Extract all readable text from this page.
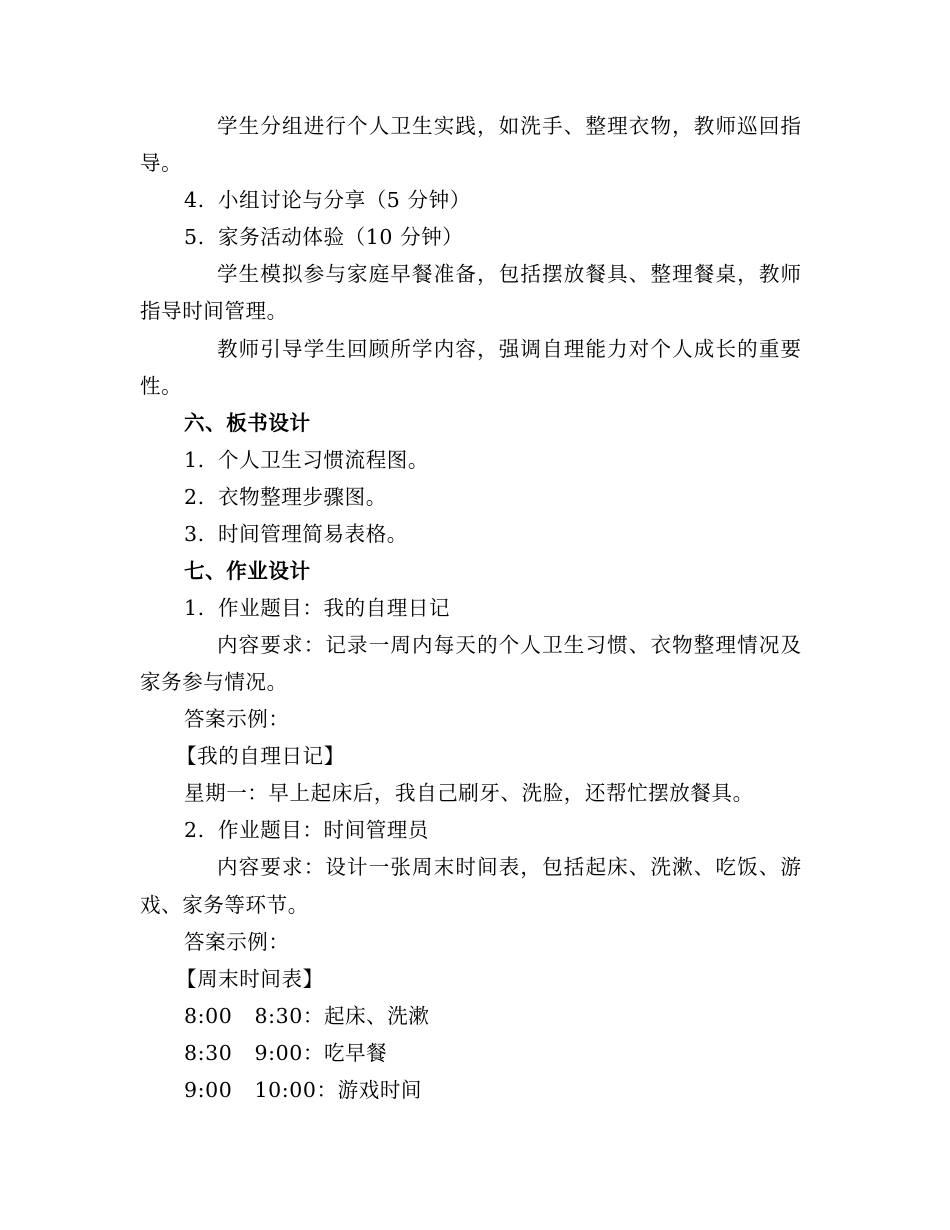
学生分组进行个人卫生实践，如洗手、整理衣物，教师巡回指
导。
4. 小组讨论与分享（5 分钟）
5. 家务活动体验（10 分钟）
学生模拟参与家庭早餐准备，包括摆放餐具、整理餐桌，教师
指导时间管理。
教师引导学生回顾所学内容，强调自理能力对个人成长的重要
性。
六、板书设计
1. 个人卫生习惯流程图。
2. 衣物整理步骤图。
3. 时间管理简易表格。
七、作业设计
1. 作业题目：我的自理日记
内容要求：记录一周内每天的个人卫生习惯、衣物整理情况及
家务参与情况。
答案示例：
【我的自理日记】
星期一：早上起床后，我自己刷牙、洗脸，还帮忙摆放餐具。
2. 作业题目：时间管理员
内容要求：设计一张周末时间表，包括起床、洗漱、吃饭、游
戏、家务等环节。
答案示例：
【周末时间表】
8:00 8:30：起床、洗漱
8:30 9:00：吃早餐
9:00 10:00：游戏时间
